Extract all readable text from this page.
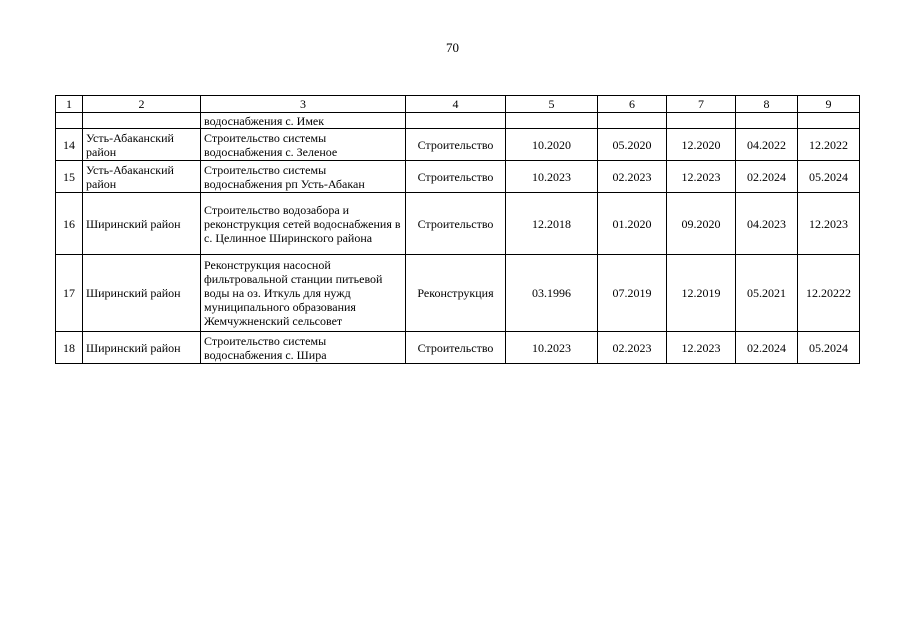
70
1	2	3	4	5	6	7	8	9
		водоснабжения с. Имек						
14	Усть-Абаканский район	Строительство системы водоснабжения с. Зеленое	Строительство	10.2020	05.2020	12.2020	04.2022	12.2022
15	Усть-Абаканский район	Строительство системы водоснабжения рп Усть-Абакан	Строительство	10.2023	02.2023	12.2023	02.2024	05.2024
16	Ширинский район	Строительство водозабора и реконструкция сетей водоснабжения в с. Целинное Ширинского района	Строительство	12.2018	01.2020	09.2020	04.2023	12.2023
17	Ширинский район	Реконструкция насосной фильтровальной станции питьевой воды на оз. Иткуль для нужд муниципального образования Жемчужненский сельсовет	Реконструкция	03.1996	07.2019	12.2019	05.2021	12.20222
18	Ширинский район	Строительство системы водоснабжения с. Шира	Строительство	10.2023	02.2023	12.2023	02.2024	05.2024
